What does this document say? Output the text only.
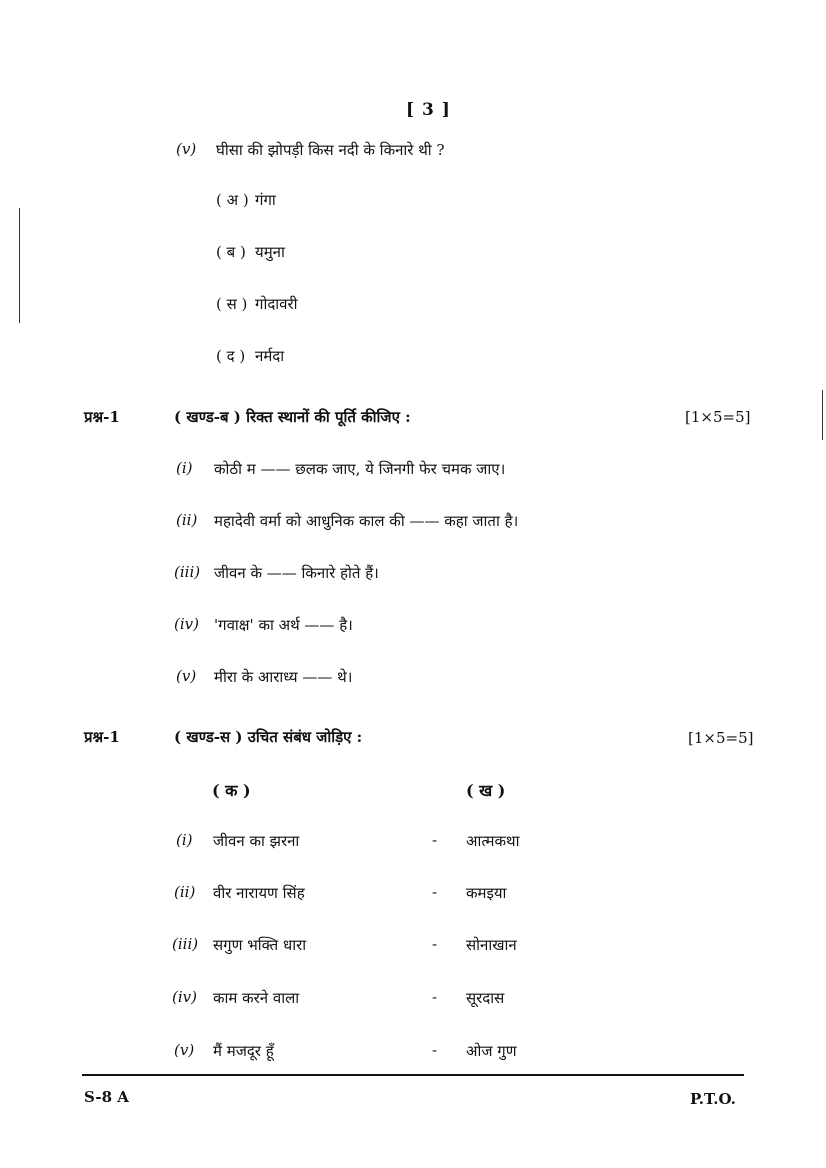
[ 3 ]
(v) घीसा की झोपड़ी किस नदी के किनारे थी ?
( अ ) गंगा
( ब ) यमुना
( स ) गोदावरी
( द ) नर्मदा
प्रश्न-1	( खण्ड-ब ) रिक्त स्थानों की पूर्ति कीजिए :	[1×5=5]
(i) कोठी म —— छलक जाए, ये जिनगी फेर चमक जाए।
(ii) महादेवी वर्मा को आधुनिक काल की —— कहा जाता है।
(iii) जीवन के —— किनारे होते हैं।
(iv) 'गवाक्ष' का अर्थ —— है।
(v) मीरा के आराध्य —— थे।
प्रश्न-1	( खण्ड-स ) उचित संबंध जोड़िए :	[1×5=5]
( क )	( ख )
(i) जीवन का झरना	- आत्मकथा
(ii) वीर नारायण सिंह	- कमइया
(iii) सगुण भक्ति धारा	- सोनाखान
(iv) काम करने वाला	- सूरदास
(v) मैं मजदूर हूँ	- ओज गुण
S-8 A	P.T.O.
